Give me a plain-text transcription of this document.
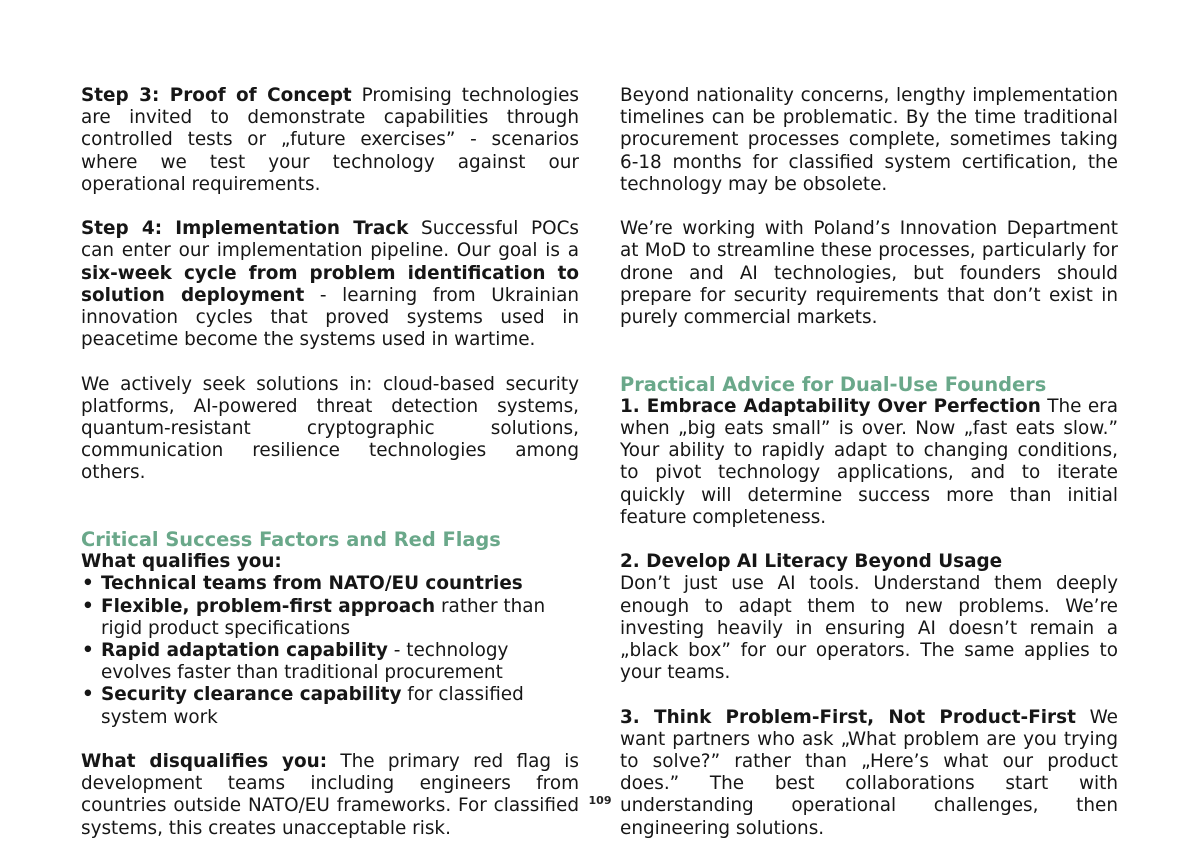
Step 3: Proof of Concept Promising technologies are invited to demonstrate capabilities through controlled tests or „future exercises” - scenarios where we test your technology against our operational requirements.

Step 4: Implementation Track Successful POCs can enter our implementation pipeline. Our goal is a six-week cycle from problem identification to solution deployment - learning from Ukrainian innovation cycles that proved systems used in peacetime become the systems used in wartime.

We actively seek solutions in: cloud-based security platforms, AI-powered threat detection systems, quantum-resistant cryptographic solutions, communication resilience technologies among others.

Critical Success Factors and Red Flags

What qualifies you:

• Technical teams from NATO/EU countries
• Flexible, problem-first approach rather than rigid product specifications
• Rapid adaptation capability - technology evolves faster than traditional procurement
• Security clearance capability for classified system work

What disqualifies you: The primary red flag is development teams including engineers from countries outside NATO/EU frameworks. For classified systems, this creates unacceptable risk.

Beyond nationality concerns, lengthy implementation timelines can be problematic. By the time traditional procurement processes complete, sometimes taking 6-18 months for classified system certification, the technology may be obsolete.

We’re working with Poland’s Innovation Department at MoD to streamline these processes, particularly for drone and AI technologies, but founders should prepare for security requirements that don’t exist in purely commercial markets.

Practical Advice for Dual-Use Founders

1. Embrace Adaptability Over Perfection The era when „big eats small” is over. Now „fast eats slow.” Your ability to rapidly adapt to changing conditions, to pivot technology applications, and to iterate quickly will determine success more than initial feature completeness.

2. Develop AI Literacy Beyond Usage

Don’t just use AI tools. Understand them deeply enough to adapt them to new problems. We’re investing heavily in ensuring AI doesn’t remain a „black box” for our operators. The same applies to your teams.

3. Think Problem-First, Not Product-First We want partners who ask „What problem are you trying to solve?” rather than „Here’s what our product does.” The best collaborations start with understanding operational challenges, then engineering solutions.

109
